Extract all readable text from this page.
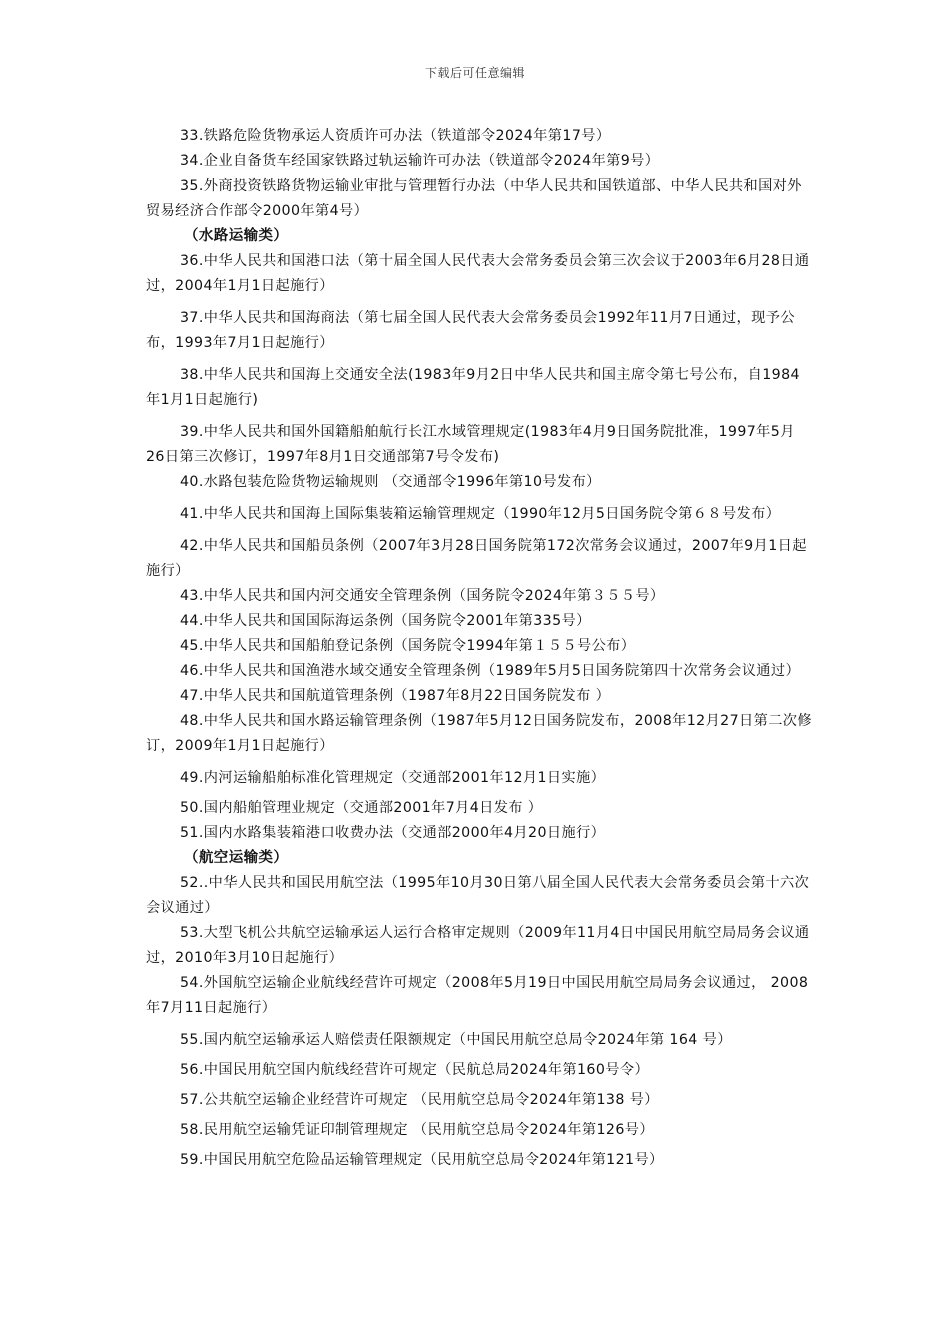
下载后可任意编辑

33.铁路危险货物承运人资质许可办法（铁道部令2024年第17号）

34.企业自备货车经国家铁路过轨运输许可办法（铁道部令2024年第9号）

35.外商投资铁路货物运输业审批与管理暂行办法（中华人民共和国铁道部、中华人民共和国对外贸易经济合作部令2000年第4号）

（水路运输类）

36.中华人民共和国港口法（第十届全国人民代表大会常务委员会第三次会议于2003年6月28日通过，2004年1月1日起施行）

37.中华人民共和国海商法（第七届全国人民代表大会常务委员会1992年11月7日通过，现予公布，1993年7月1日起施行）

38.中华人民共和国海上交通安全法(1983年9月2日中华人民共和国主席令第七号公布，自1984年1月1日起施行)

39.中华人民共和国外国籍船舶航行长江水域管理规定(1983年4月9日国务院批准，1997年5月26日第三次修订，1997年8月1日交通部第7号令发布)

40.水路包装危险货物运输规则 （交通部令1996年第10号发布）

41.中华人民共和国海上国际集装箱运输管理规定（1990年12月5日国务院令第６８号发布）

42.中华人民共和国船员条例（2007年3月28日国务院第172次常务会议通过，2007年9月1日起施行）

43.中华人民共和国内河交通安全管理条例（国务院令2024年第３５５号）

44.中华人民共和国国际海运条例（国务院令2001年第335号）

45.中华人民共和国船舶登记条例（国务院令1994年第１５５号公布）

46.中华人民共和国渔港水域交通安全管理条例（1989年5月5日国务院第四十次常务会议通过）

47.中华人民共和国航道管理条例（1987年8月22日国务院发布 ）

48.中华人民共和国水路运输管理条例（1987年5月12日国务院发布，2008年12月27日第二次修订，2009年1月1日起施行）

49.内河运输船舶标准化管理规定（交通部2001年12月1日实施）

50.国内船舶管理业规定（交通部2001年7月4日发布 ）

51.国内水路集装箱港口收费办法（交通部2000年4月20日施行）

（航空运输类）

52..中华人民共和国民用航空法（1995年10月30日第八届全国人民代表大会常务委员会第十六次会议通过）

53.大型飞机公共航空运输承运人运行合格审定规则（2009年11月4日中国民用航空局局务会议通过，2010年3月10日起施行）

54.外国航空运输企业航线经营许可规定（2008年5月19日中国民用航空局局务会议通过， 2008年7月11日起施行）

55.国内航空运输承运人赔偿责任限额规定（中国民用航空总局令2024年第 164 号）

56.中国民用航空国内航线经营许可规定（民航总局2024年第160号令）

57.公共航空运输企业经营许可规定 （民用航空总局令2024年第138 号）

58.民用航空运输凭证印制管理规定 （民用航空总局令2024年第126号）

59.中国民用航空危险品运输管理规定（民用航空总局令2024年第121号）
